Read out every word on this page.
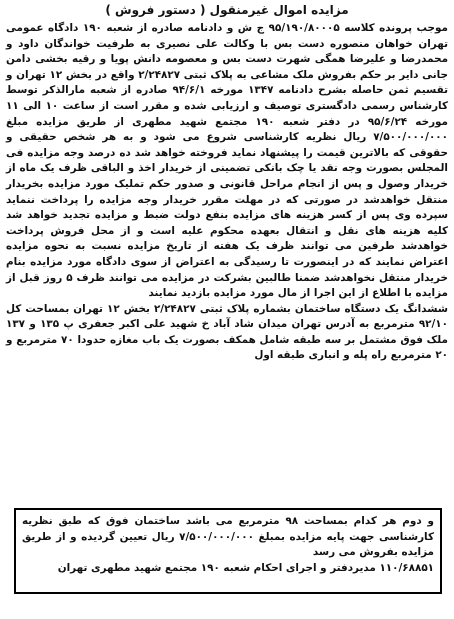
مزایده اموال غیرمنقول ( دستور فروش )

موجب پرونده کلاسه ۹۵/۱۹۰/۸۰۰۰۵ ج ش و دادنامه صادره از شعبه ۱۹۰ دادگاه عمومی تهران خواهان منصوره دست بس با وکالت علی نصیری به طرفیت خواندگان داود و محمدرضا و علیرضا همگی شهرت دست بس و معصومه دانش پویا و رقیه بخشی دامن جانی دایر بر حکم بفروش ملک مشاعی به پلاک ثبتی ۲/۲۴۸۲۷ واقع در بخش ۱۲ تهران و تقسیم ثمن حاصله بشرح دادنامه ۱۳۴۷ مورخه ۹۴/۶/۱ صادره از شعبه مارالذکر توسط کارشناس رسمی دادگستری توصیف و ارزیابی شده و مقرر است از ساعت ۱۰ الی ۱۱ مورخه ۹۵/۶/۲۴ در دفتر شعبه ۱۹۰ مجتمع شهید مطهری از طریق مزایده مبلغ ۷/۵۰۰/۰۰۰/۰۰۰ ریال نظریه کارشناسی شروع می شود و به هر شخص حقیقی و حقوقی که بالاترین قیمت را پیشنهاد نماید فروخته خواهد شد ده درصد وجه مزایده فی المجلس بصورت وجه نقد یا چک بانکی تضمینی از خریدار اخذ و الباقی ظرف یک ماه از خریدار وصول و پس از انجام مراحل قانونی و صدور حکم تملیک مورد مزایده بخریدار منتقل خواهدشد در صورتی که در مهلت مقرر خریدار وجه مزایده را پرداخت ننماید سپرده وی پس از کسر هزینه های مزایده بنفع دولت ضبط و مزایده تجدید خواهد شد کلیه هزینه های نقل و انتقال بعهده محکوم علیه است و از محل فروش پرداخت خواهدشد طرفین می توانند ظرف یک هفته از تاریخ مزایده نسبت به نحوه مزایده اعتراض نمایند که در اینصورت تا رسیدگی به اعتراض از سوی دادگاه مورد مزایده بنام خریدار منتقل نخواهدشد ضمنا طالبین بشرکت در مزایده می توانند ظرف ۵ روز قبل از مزایده با اطلاع از این اجرا از مال مورد مزایده بازدید نمایند

ششدانگ یک دستگاه ساختمان بشماره پلاک ثبتی ۲/۲۴۸۲۷ بخش ۱۲ تهران بمساحت کل ۹۲/۱۰ مترمربع به آدرس تهران میدان شاد آباد خ شهید علی اکبر جعفری پ ۱۳۵ و ۱۳۷ ملک فوق مشتمل بر سه طبقه شامل همکف بصورت یک باب مغازه حدودا ۷۰ مترمربع و ۲۰ مترمربع راه پله و انباری طبقه اول

و دوم هر کدام بمساحت ۹۸ مترمربع می باشد ساختمان فوق که طبق نظریه کارشناسی جهت پایه مزایده بمبلغ ۷/۵۰۰/۰۰۰/۰۰۰ ریال تعیین گردیده و از طریق مزایده بفروش می رسد

۱۱۰/۶۸۸۵۱ مدیردفتر و اجرای احکام شعبه ۱۹۰ مجتمع شهید مطهری تهران
